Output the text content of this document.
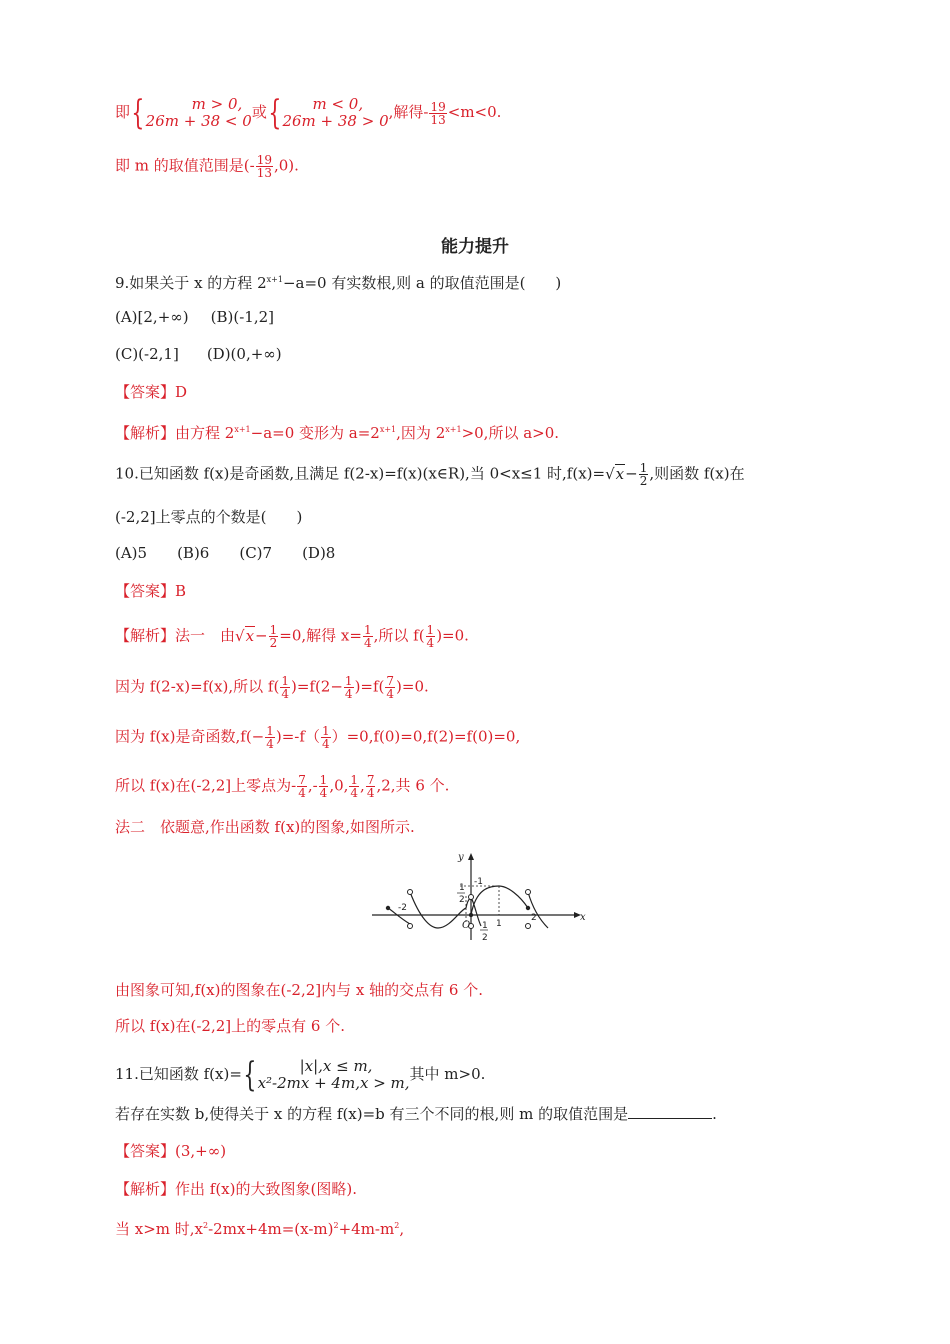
即{	m > 0,
26m + 38 < 0 或{	m < 0,
26m + 38 > 0 ,解得- $\frac{19}{13} <m<0$.
即 m 的取值范围是(- $\frac{19}{13} ,0$).
能力提升
9.如果关于 x 的方程 $2^{x+1}-a=0$ 有实数根,则 a 的取值范围是(　　)
(A)[2,+∞) (B)(-1,2]
(C)(-2,1] (D)(0,+∞)
【答案】D
【解析】由方程 $2^{x+1}-a=0$ 变形为 $a=2^{x+1}$,因为 $2^{x+1}>0$,所以 a>0.
10.已知函数 f(x)是奇函数,且满足 f(2-x)=f(x)(x∈R),当 0<x≤1 时$,f(x)=√x- \frac{1}{2}$ ,则函数 f(x)在
(-2,2]上零点的个数是(　　)
(A)5　　(B)6　　(C)7　　(D)8
【答案】B
【解析】法一　由$√x- \frac{1}{2} =0$,解得 $x= \frac{1}{4}$ ,所以 $f( \frac{1}{4} )=0$.
因为 f(2-x)=f(x),所以 $f( \frac{1}{4} )=f(2- \frac{1}{4} )=f( \frac{7}{4} )=0$.
因为 f(x)是奇函数$,f(- \frac{1}{4} )=-f( \frac{1}{4} )=0,f(0)=0,f(2)=f(0)=0$,
所以 f(x)在(-2,2]上零点为- $\frac{7}{4}$ ,- $\frac{1}{4} ,0$, $\frac{1}{4}$ , $\frac{7}{4} ,2$,共 6 个.
法二　依题意,作出函数 f(x)的图象,如图所示.
y
x
O
-2
2
1
-1
1
2
1
2
由图象可知,f(x)的图象在(-2,2]内与 x 轴的交点有 6 个.
所以 f(x)在(-2,2]上的零点有 6 个.
11.已知函数 f(x)={	|x|,x ≤ m,
x²-2mx + 4m,x > m, 其中 m>0.
若存在实数 b,使得关于 x 的方程 f(x)=b 有三个不同的根,则 m 的取值范围是	.
【答案】(3,+∞)
【解析】作出 f(x)的大致图象(图略).
当 x>m 时$,x^2-2mx+4m=(x-m)^2+4m-m^2$,
